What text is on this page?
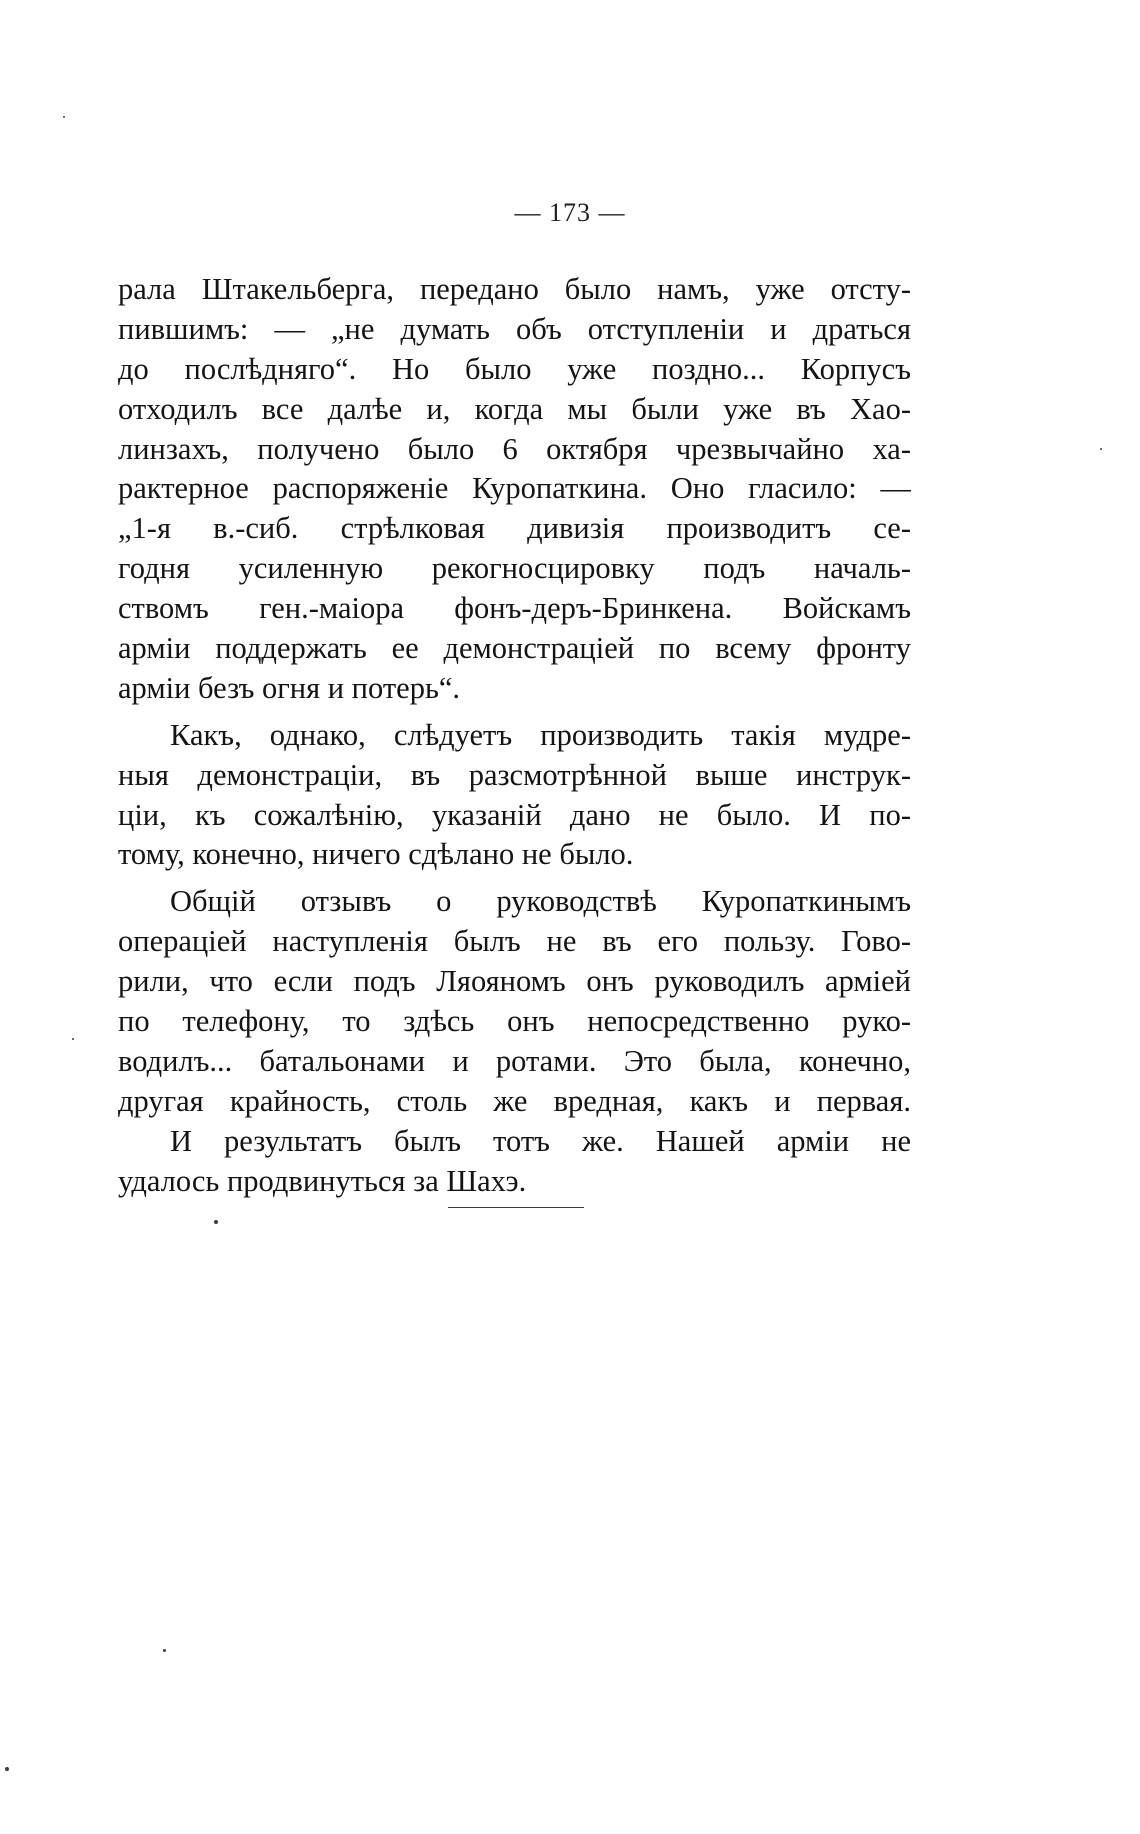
— 173 —
рала Штакельберга, передано было намъ, уже отсту-
пившимъ: — „не думать объ отступленіи и драться
до послѣдняго“. Но было уже поздно... Корпусъ
отходилъ все далѣе и, когда мы были уже въ Хао-
линзахъ, получено было 6 октября чрезвычайно ха-
рактерное распоряженіе Куропаткина. Оно гласило: —
„1-я в.-сиб. стрѣлковая дивизія производитъ се-
годня усиленную рекогносцировку подъ началь-
ствомъ ген.-маіора фонъ-деръ-Бринкена. Войскамъ
арміи поддержать ее демонстраціей по всему фронту
арміи безъ огня и потерь“.
Какъ, однако, слѣдуетъ производить такія мудре-
ныя демонстраціи, въ разсмотрѣнной выше инструк-
ціи, къ сожалѣнію, указаній дано не было. И по-
тому, конечно, ничего сдѣлано не было.
Общій отзывъ о руководствѣ Куропаткинымъ
операціей наступленія былъ не въ его пользу. Гово-
рили, что если подъ Ляояномъ онъ руководилъ арміей
по телефону, то здѣсь онъ непосредственно руко-
водилъ... батальонами и ротами. Это была, конечно,
другая крайность, столь же вредная, какъ и первая.
И результатъ былъ тотъ же. Нашей арміи не
удалось продвинуться за Шахэ.
